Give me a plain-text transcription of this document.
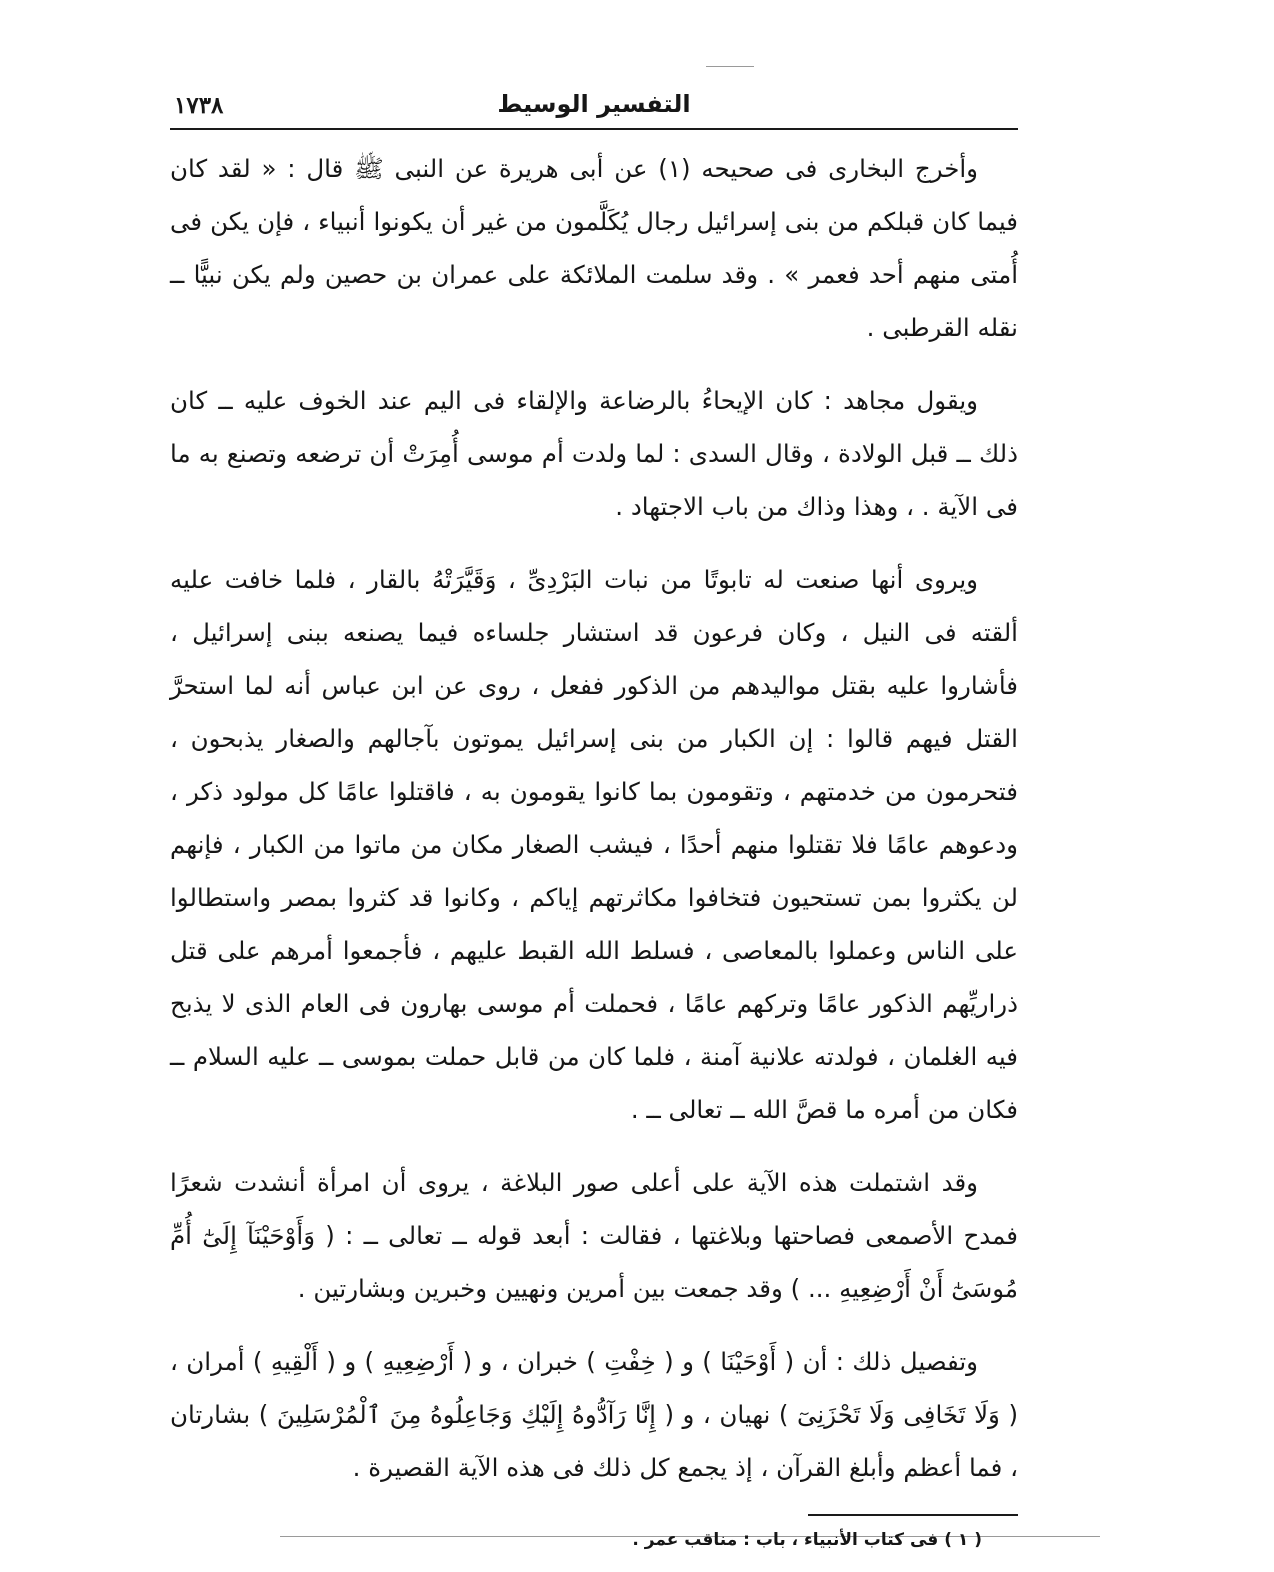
١٧٣٨	التفسير الوسيط

وأخرج البخارى فى صحيحه (١) عن أبى هريرة عن النبى ﷺ قال : « لقد كان فيما كان قبلكم من بنى إسرائيل رجال يُكَلَّمون من غير أن يكونوا أنبياء ، فإن يكن فى أُمتى منهم أحد فعمر » . وقد سلمت الملائكة على عمران بن حصين ولم يكن نبيًّا ــ نقله القرطبى .

ويقول مجاهد : كان الإيحاءُ بالرضاعة والإلقاء فى اليم عند الخوف عليه ــ كان ذلك ــ قبل الولادة ، وقال السدى : لما ولدت أم موسى أُمِرَتْ أن ترضعه وتصنع به ما فى الآية . ، وهذا وذاك من باب الاجتهاد .

ويروى أنها صنعت له تابوتًا من نبات البَرْدِىِّ ، وَقَيَّرَتْهُ بالقار ، فلما خافت عليه ألقته فى النيل ، وكان فرعون قد استشار جلساءه فيما يصنعه ببنى إسرائيل ، فأشاروا عليه بقتل مواليدهم من الذكور ففعل ، روى عن ابن عباس أنه لما استحرَّ القتل فيهم قالوا : إن الكبار من بنى إسرائيل يموتون بآجالهم والصغار يذبحون ، فتحرمون من خدمتهم ، وتقومون بما كانوا يقومون به ، فاقتلوا عامًا كل مولود ذكر ، ودعوهم عامًا فلا تقتلوا منهم أحدًا ، فيشب الصغار مكان من ماتوا من الكبار ، فإنهم لن يكثروا بمن تستحيون فتخافوا مكاثرتهم إياكم ، وكانوا قد كثروا بمصر واستطالوا على الناس وعملوا بالمعاصى ، فسلط الله القبط عليهم ، فأجمعوا أمرهم على قتل ذراريِّهم الذكور عامًا وتركهم عامًا ، فحملت أم موسى بهارون فى العام الذى لا يذبح فيه الغلمان ، فولدته علانية آمنة ، فلما كان من قابل حملت بموسى ــ عليه السلام ــ فكان من أمره ما قصَّ الله ــ تعالى ــ .

وقد اشتملت هذه الآية على أعلى صور البلاغة ، يروى أن امرأة أنشدت شعرًا فمدح الأصمعى فصاحتها وبلاغتها ، فقالت : أبعد قوله ــ تعالى ــ : ( وَأَوْحَيْنَآ إِلَىٰٓ أُمِّ مُوسَىٰٓ أَنْ أَرْضِعِيهِ ... ) وقد جمعت بين أمرين ونهيين وخبرين وبشارتين .

وتفصيل ذلك : أن ( أَوْحَيْنَا ) و ( خِفْتِ ) خبران ، و ( أَرْضِعِيهِ ) و ( أَلْقِيهِ ) أمران ، ( وَلَا تَخَافِى وَلَا تَحْزَنِىٓ ) نهيان ، و ( إِنَّا رَآدُّوهُ إِلَيْكِ وَجَاعِلُوهُ مِنَ ٱلْمُرْسَلِينَ ) بشارتان ، فما أعظم وأبلغ القرآن ، إذ يجمع كل ذلك فى هذه الآية القصيرة .

( ١ ) فى كتاب الأنبياء ، باب : مناقب عمر .
